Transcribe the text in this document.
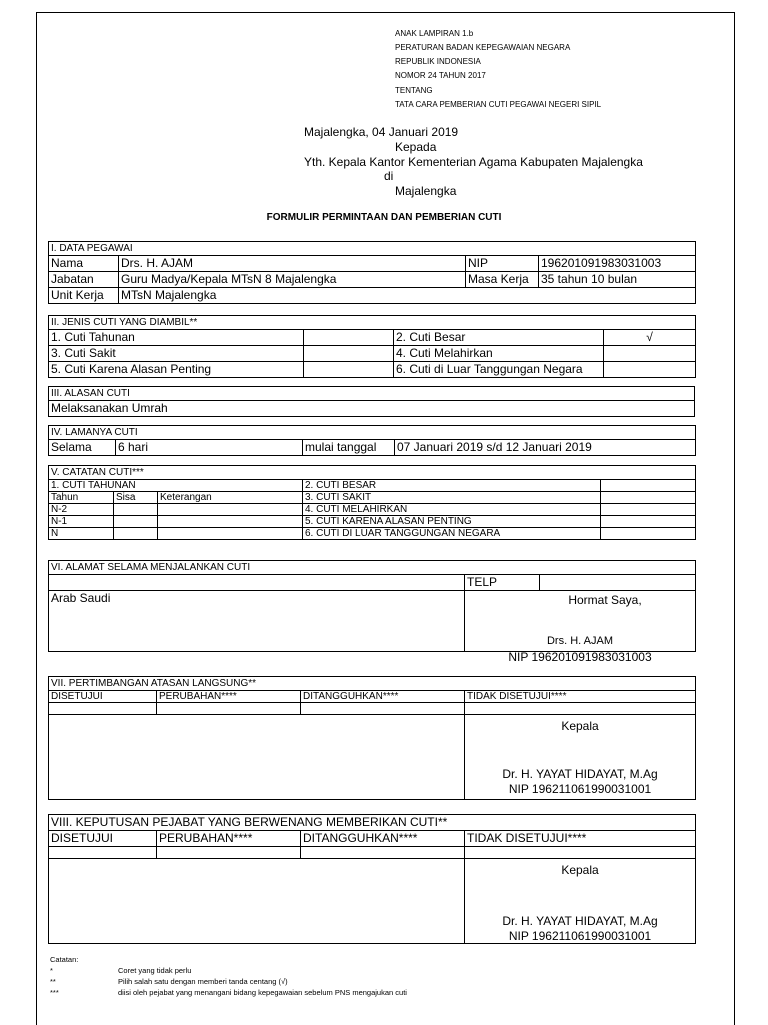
ANAK LAMPIRAN 1.b
PERATURAN BADAN KEPEGAWAIAN NEGARA
REPUBLIK INDONESIA
NOMOR 24 TAHUN 2017
TENTANG
TATA CARA PEMBERIAN CUTI PEGAWAI NEGERI SIPIL
Majalengka, 04 Januari 2019
Kepada
Yth. Kepala Kantor Kementerian Agama Kabupaten Majalengka
di
Majalengka
FORMULIR PERMINTAAN DAN PEMBERIAN CUTI
I. DATA PEGAWAI			
Nama	Drs. H. AJAM	NIP	196201091983031003
Jabatan	Guru Madya/Kepala MTsN 8 Majalengka	Masa Kerja	35 tahun 10 bulan
Unit Kerja	MTsN Majalengka		
II. JENIS CUTI YANG DIAMBIL**			
1. Cuti Tahunan		2. Cuti Besar	√
3. Cuti Sakit		4. Cuti Melahirkan	
5. Cuti Karena Alasan Penting		6. Cuti di Luar Tanggungan Negara	
III. ALASAN CUTI
Melaksanakan Umrah
IV. LAMANYA CUTI
Selama	6 hari	mulai tanggal	07 Januari 2019 s/d 12 Januari 2019
V. CATATAN CUTI***				
1. CUTI TAHUNAN			2. CUTI BESAR	
Tahun	Sisa	Keterangan	3. CUTI SAKIT	
N-2			4. CUTI MELAHIRKAN	
N-1			5. CUTI KARENA ALASAN PENTING	
N			6. CUTI DI LUAR TANGGUNGAN NEGARA	
VI. ALAMAT SELAMA MENJALANKAN CUTI		
	TELP	
Arab Saudi	Hormat Saya,
Drs. H. AJAM
NIP 196201091983031003	
VII. PERTIMBANGAN ATASAN LANGSUNG**			
DISETUJUI	PERUBAHAN****	DITANGGUHKAN****	TIDAK DISETUJUI****

			Kepala
Dr. H. YAYAT HIDAYAT, M.Ag
NIP 196211061990031001
VIII. KEPUTUSAN PEJABAT YANG BERWENANG MEMBERIKAN CUTI**			
DISETUJUI	PERUBAHAN****	DITANGGUHKAN****	TIDAK DISETUJUI****

			Kepala
Dr. H. YAYAT HIDAYAT, M.Ag
NIP 196211061990031001
Catatan:
*	Coret yang tidak perlu
**	Pilih salah satu dengan memberi tanda centang (√)
***	diisi oleh pejabat yang menangani bidang kepegawaian sebelum PNS mengajukan cuti
